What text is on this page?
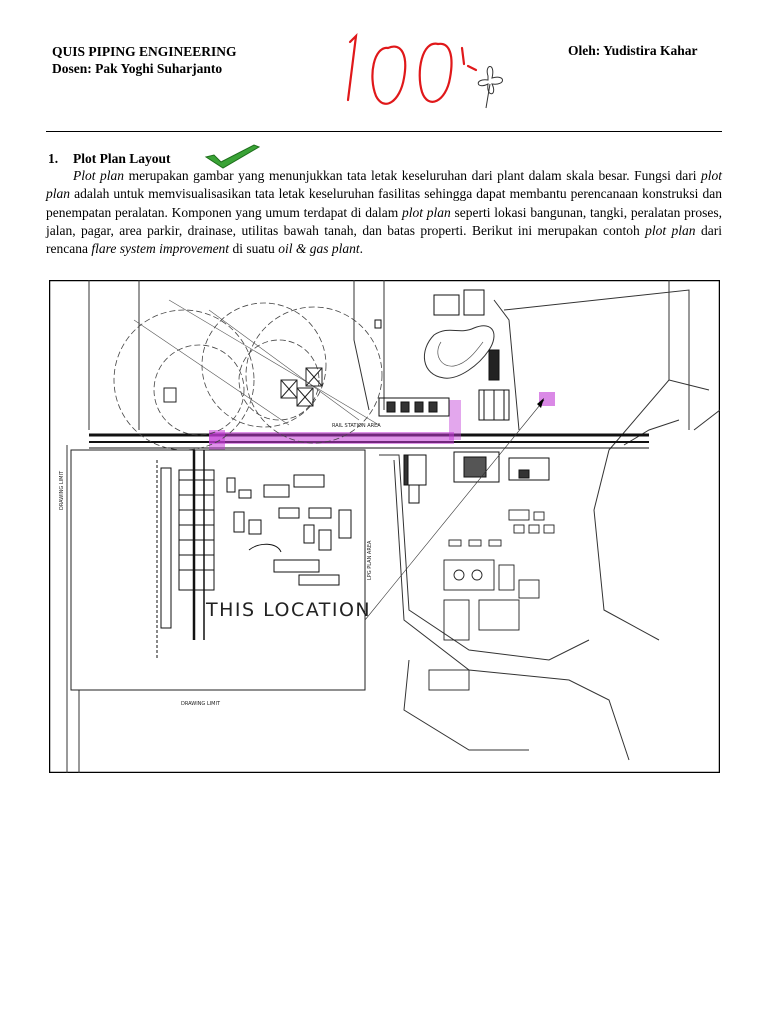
QUIS PIPING ENGINEERING
Dosen: Pak Yoghi Suharjanto
Oleh: Yudistira Kahar
1. Plot Plan Layout
Plot plan merupakan gambar yang menunjukkan tata letak keseluruhan dari plant dalam skala besar. Fungsi dari plot plan adalah untuk memvisualisasikan tata letak keseluruhan fasilitas sehingga dapat membantu perencanaan konstruksi dan penempatan peralatan. Komponen yang umum terdapat di dalam plot plan seperti lokasi bangunan, tangki, peralatan proses, jalan, pagar, area parkir, drainase, utilitas bawah tanah, dan batas properti. Berikut ini merupakan contoh plot plan dari rencana flare system improvement di suatu oil & gas plant.
THIS LOCATION
DRAWING LIMIT
RAIL STATION AREA
LPG PLAN AREA
DRAWING LIMIT
